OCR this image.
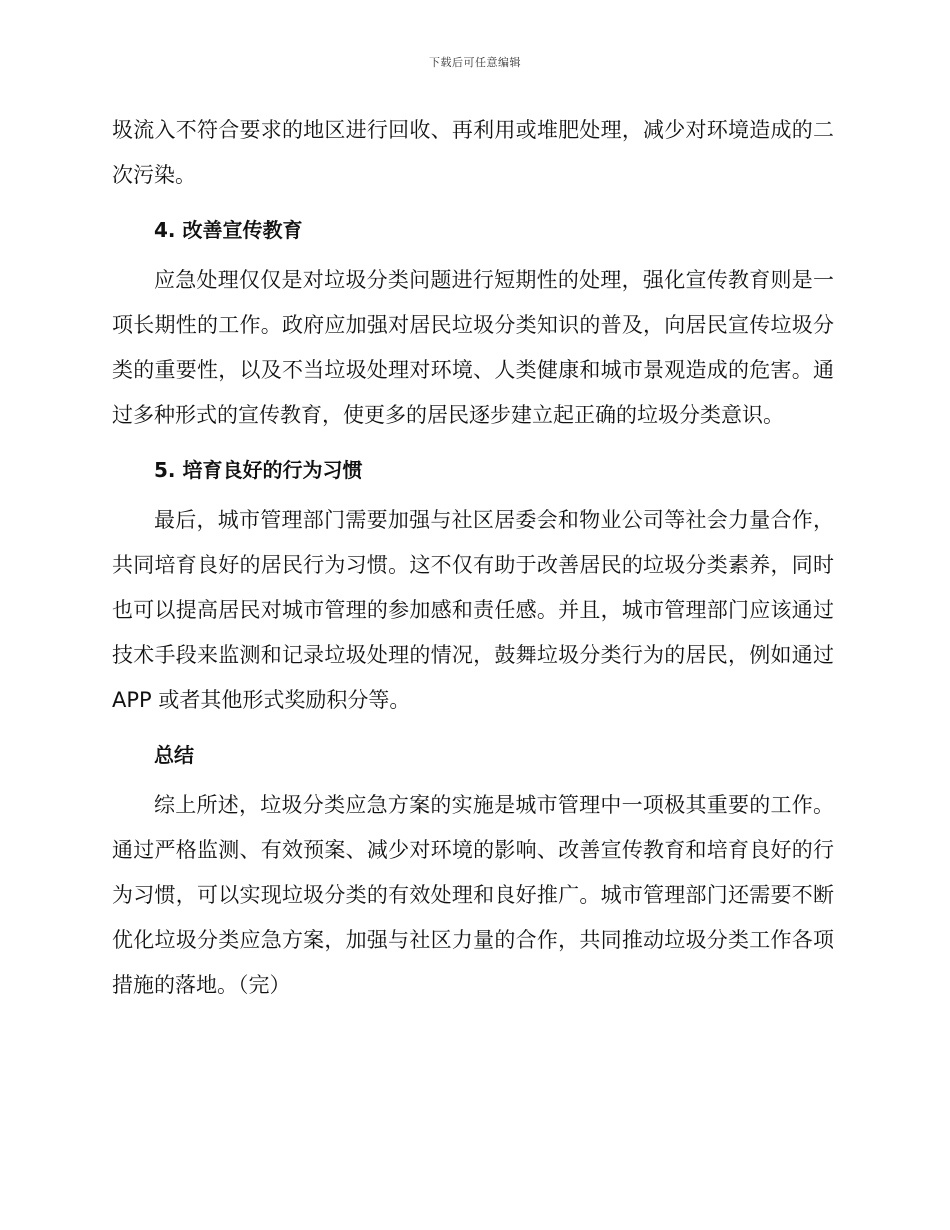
下载后可任意编辑

圾流入不符合要求的地区进行回收、再利用或堆肥处理，减少对环境造成的二次污染。

4. 改善宣传教育

应急处理仅仅是对垃圾分类问题进行短期性的处理，强化宣传教育则是一项长期性的工作。政府应加强对居民垃圾分类知识的普及，向居民宣传垃圾分类的重要性，以及不当垃圾处理对环境、人类健康和城市景观造成的危害。通过多种形式的宣传教育，使更多的居民逐步建立起正确的垃圾分类意识。

5. 培育良好的行为习惯

最后，城市管理部门需要加强与社区居委会和物业公司等社会力量合作，共同培育良好的居民行为习惯。这不仅有助于改善居民的垃圾分类素养，同时也可以提高居民对城市管理的参加感和责任感。并且，城市管理部门应该通过技术手段来监测和记录垃圾处理的情况，鼓舞垃圾分类行为的居民，例如通过 APP 或者其他形式奖励积分等。

总结

综上所述，垃圾分类应急方案的实施是城市管理中一项极其重要的工作。通过严格监测、有效预案、减少对环境的影响、改善宣传教育和培育良好的行为习惯，可以实现垃圾分类的有效处理和良好推广。城市管理部门还需要不断优化垃圾分类应急方案，加强与社区力量的合作，共同推动垃圾分类工作各项措施的落地。（完）
